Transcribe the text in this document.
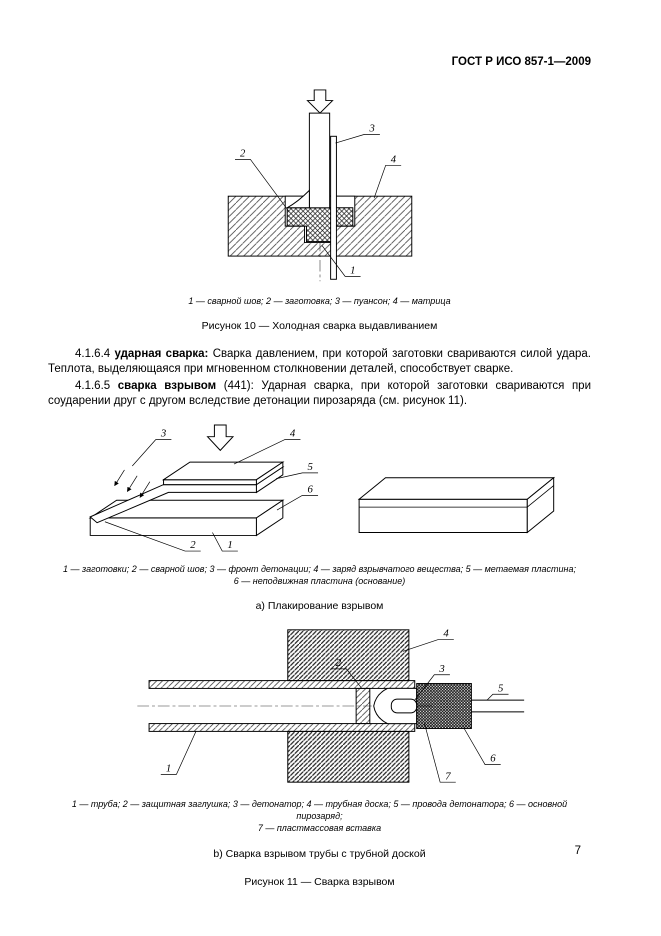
ГОСТ Р ИСО 857-1—2009
2
3
4
1
1 — сварной шов; 2 — заготовка; 3 — пуансон; 4 — матрица
Рисунок 10 — Холодная сварка выдавливанием

4.1.6.4 ударная сварка: Сварка давлением, при которой заготовки свариваются силой удара. Теплота, выделяющаяся при мгновенном столкновении деталей, способствует сварке.

4.1.6.5 сварка взрывом (441): Ударная сварка, при которой заготовки свариваются при соударении друг с другом вследствие детонации пирозаряда (см. рисунок 11).

3	4
5
6
2	1
1 — заготовки; 2 — сварной шов; 3 — фронт детонации; 4 — заряд взрывчатого вещества; 5 — метаемая пластина;
6 — неподвижная пластина (основание)
а) Плакирование взрывом
4
2	3
5
6
7
1
1 — труба; 2 — защитная заглушка; 3 — детонатор; 4 — трубная доска; 5 — провода детонатора; 6 — основной пирозаряд;
7 — пластмассовая вставка
b) Сварка взрывом трубы с трубной доской
Рисунок 11 — Сварка взрывом
7
